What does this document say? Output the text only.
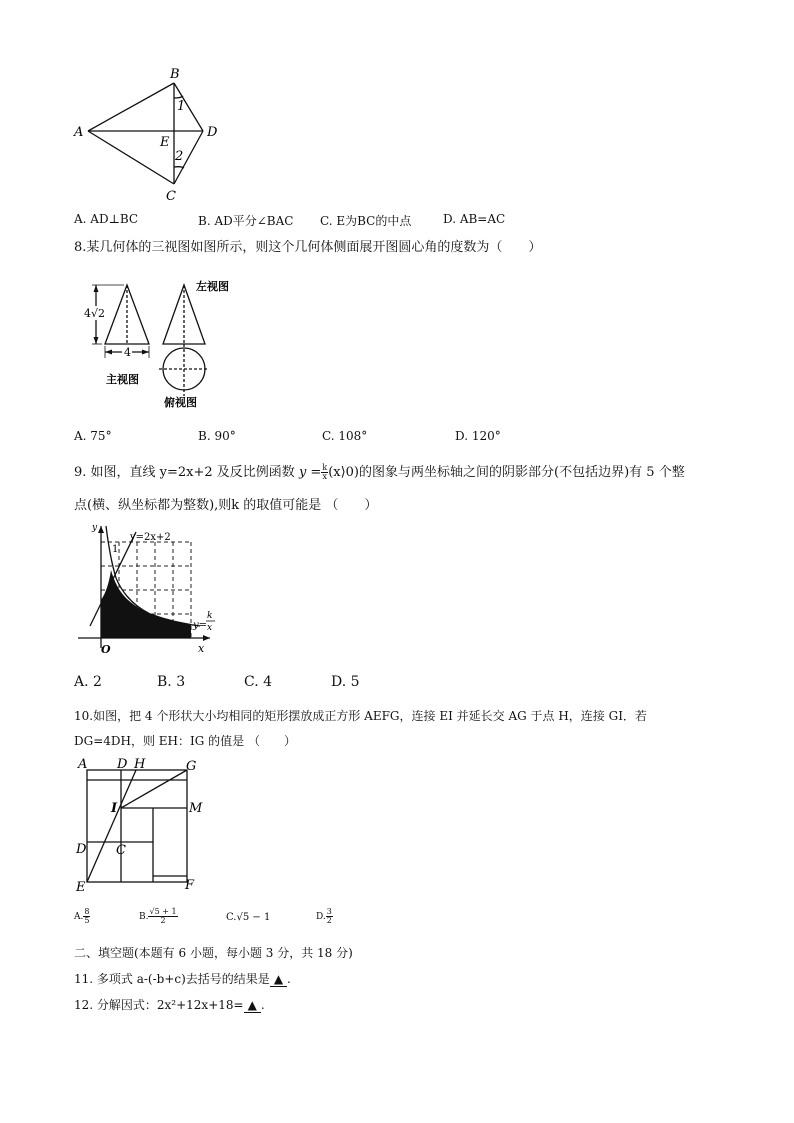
A
B
C
D
E
1
2
A. AD⊥BC	B. AD平分∠BAC C. E为BC的中点	D. AB=AC
8.某几何体的三视图如图所示，则这个几何体侧面展开图圆心角的度数为（　　）
4√2
4
主视图
左视图
俯视图
A. 75°	B. 90°	C. 108°	D. 120°
9. 如图，直线 y=2x+2 及反比例函数 $y = \frac{k}{x}$ (x⟩0)的图象与两坐标轴之间的阴影部分(不包括边界)有 5 个整
点(横、纵坐标都为整数),则k 的取值可能是 （　　）
y=2x+2
1
y=
k
x
O	x
y
A. 2	B. 3	C. 4	D. 5
10.如图，把 4 个形状大小均相同的矩形摆放成正方形 AEFG，连接 EI 并延长交 AG 于点 H，连接 GI．若
DG=4DH，则 EH：IG 的值是 （　　）
A D H	G
I	M
D C
E	F
A. $\frac{8}{5}$	B. $\frac{√5 + 1}{2}$	C.√5 − 1	D. $\frac{3}{2}$
二、填空题(本题有 6 小题，每小题 3 分，共 18 分)
11. 多项式 a-(-b+c)去括号的结果是 ▲ .
12. 分解因式：2x²+12x+18= ▲ .
